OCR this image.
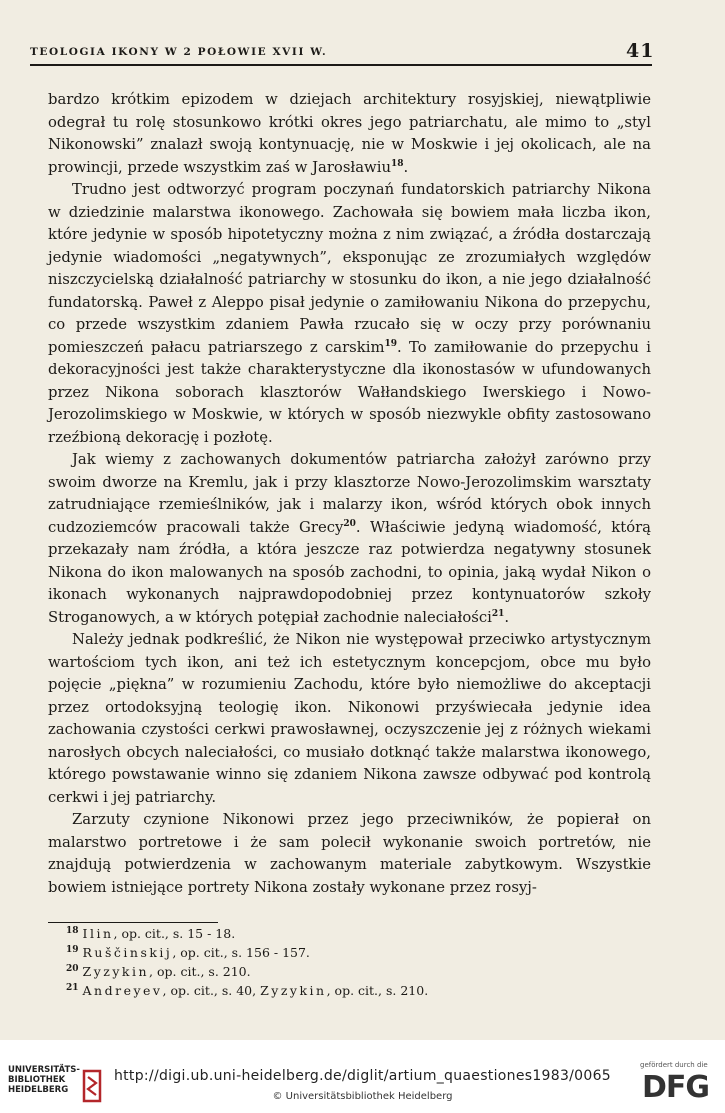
TEOLOGIA IKONY W 2 POŁOWIE XVII W.	41

bardzo krótkim epizodem w dziejach architektury rosyjskiej, niewątpliwie odegrał tu rolę stosunkowo krótki okres jego patriarchatu, ale mimo to „styl Nikonowski” znalazł swoją kontynuację, nie w Moskwie i jej okolicach, ale na prowincji, przede wszystkim zaś w Jarosławiu$^{18}$.

Trudno jest odtworzyć program poczynań fundatorskich patriarchy Nikona w dziedzinie malarstwa ikonowego. Zachowała się bowiem mała liczba ikon, które jedynie w sposób hipotetyczny można z nim związać, a źródła dostarczają jedynie wiadomości „negatywnych”, eksponując ze zrozumiałych względów niszczycielską działalność patriarchy w stosunku do ikon, a nie jego działalność fundatorską. Paweł z Aleppo pisał jedynie o zamiłowaniu Nikona do przepychu, co przede wszystkim zdaniem Pawła rzucało się w oczy przy porównaniu pomieszczeń pałacu patriarszego z carskim$^{19}$. To zamiłowanie do przepychu i dekoracyjności jest także charakterystyczne dla ikonostasów w ufundowanych przez Nikona soborach klasztorów Wałłandskiego Iwerskiego i Nowo-Jerozolimskiego w Moskwie, w których w sposób niezwykle obfity zastosowano rzeźbioną dekorację i pozłotę.

Jak wiemy z zachowanych dokumentów patriarcha założył zarówno przy swoim dworze na Kremlu, jak i przy klasztorze Nowo-Jerozolimskim warsztaty zatrudniające rzemieślników, jak i malarzy ikon, wśród których obok innych cudzoziemców pracowali także Grecy$^{20}$. Właściwie jedyną wiadomość, którą przekazały nam źródła, a która jeszcze raz potwierdza negatywny stosunek Nikona do ikon malowanych na sposób zachodni, to opinia, jaką wydał Nikon o ikonach wykonanych najprawdopodobniej przez kontynuatorów szkoły Stroganowych, a w których potępiał zachodnie naleciałości$^{21}$.

Należy jednak podkreślić, że Nikon nie występował przeciwko artystycznym wartościom tych ikon, ani też ich estetycznym koncepcjom, obce mu było pojęcie „piękna” w rozumieniu Zachodu, które było niemożliwe do akceptacji przez ortodoksyjną teologię ikon. Nikonowi przyświecała jedynie idea zachowania czystości cerkwi prawosławnej, oczyszczenie jej z różnych wiekami narosłych obcych naleciałości, co musiało dotknąć także malarstwa ikonowego, którego powstawanie winno się zdaniem Nikona zawsze odbywać pod kontrolą cerkwi i jej patriarchy.

Zarzuty czynione Nikonowi przez jego przeciwników, że popierał on malarstwo portretowe i że sam polecił wykonanie swoich portretów, nie znajdują potwierdzenia w zachowanym materiale zabytkowym. Wszystkie bowiem istniejące portrety Nikona zostały wykonane przez rosyj-

$^{18}$ Ilin, op. cit., s. 15 - 18.
$^{19}$ Ruščinskij, op. cit., s. 156 - 157.
$^{20}$ Zyzykin, op. cit., s. 210.
$^{21}$ Andreyev, op. cit., s. 40, Zyzykin, op. cit., s. 210.
UNIVERSITÄTS-
BIBLIOTHEK
HEIDELBERG
http://digi.ub.uni-heidelberg.de/diglit/artium_quaestiones1983/0065
© Universitätsbibliothek Heidelberg
gefördert durch die
DFG
